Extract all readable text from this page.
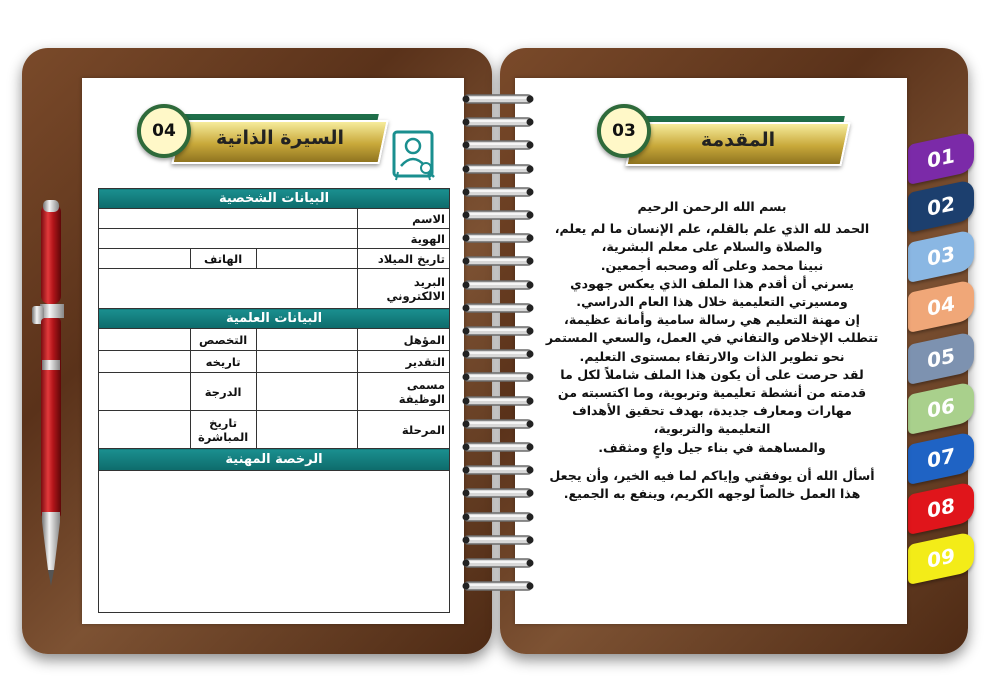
01
02
03
04
05
06
07
08
09
السيرة الذاتية
04	المقدمة
03
البيانات الشخصية			
الاسم			
الهوية			
تاريخ الميلاد		الهاتف	
البريد الالكتروني			
البيانات العلمية			
المؤهل		التخصص	
التقدير		تاريخه	
مسمى الوظيفة		الدرجة	
المرحلة		تاريخ المباشرة	
الرخصة المهنية			

بسم الله الرحمن الرحيم

الحمد لله الذي علم بالقلم، علم الإنسان ما لم يعلم،

والصلاة والسلام على معلم البشرية،

نبينا محمد وعلى آله وصحبه أجمعين.

يسرني أن أقدم هذا الملف الذي يعكس جهودي

ومسيرتي التعليمية خلال هذا العام الدراسي.

إن مهنة التعليم هي رسالة سامية وأمانة عظيمة،

تتطلب الإخلاص والتفاني في العمل، والسعي المستمر

نحو تطوير الذات والارتقاء بمستوى التعليم.

لقد حرصت على أن يكون هذا الملف شاملاً لكل ما

قدمته من أنشطة تعليمية وتربوية، وما اكتسبته من

مهارات ومعارف جديدة، بهدف تحقيق الأهداف

التعليمية والتربوية،

والمساهمة في بناء جيل واعٍ ومثقف.

أسأل الله أن يوفقني وإياكم لما فيه الخير، وأن يجعل

هذا العمل خالصاً لوجهه الكريم، وينفع به الجميع.
